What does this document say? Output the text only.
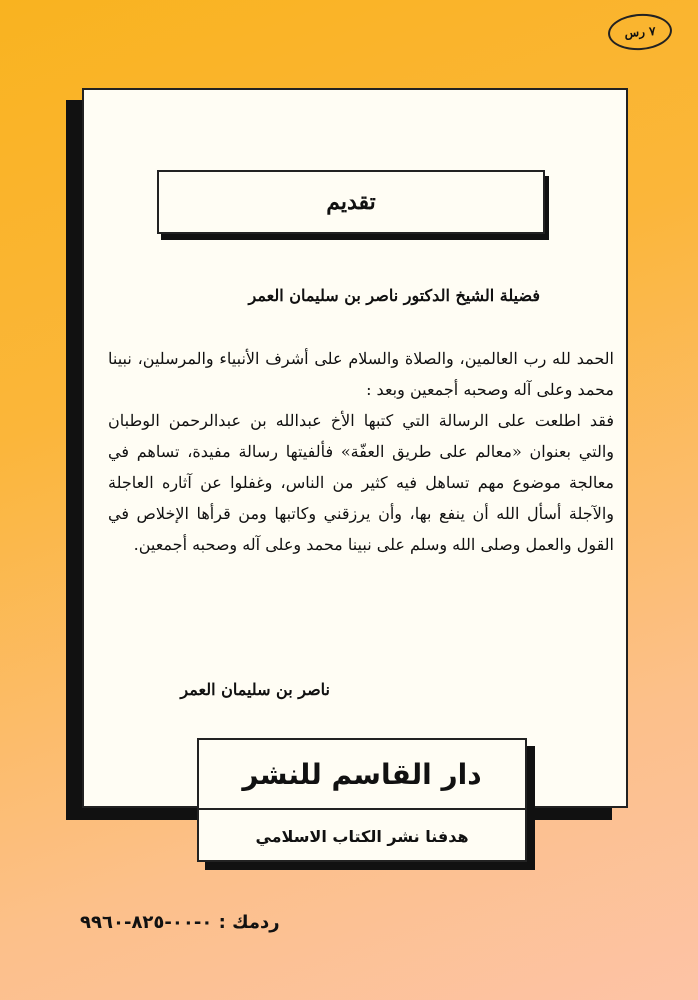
٧ رس
تقديم
فضيلة الشيخ الدكتور ناصر بن سليمان العمر

الحمد لله رب العالمين، والصلاة والسلام على أشرف الأنبياء والمرسلين، نبينا محمد وعلى آله وصحبه أجمعين وبعد :

فقد اطلعت على الرسالة التي كتبها الأخ عبدالله بن عبدالرحمن الوطبان والتي بعنوان «معالم على طريق العفّة» فألفيتها رسالة مفيدة، تساهم في معالجة موضوع مهم تساهل فيه كثير من الناس، وغفلوا عن آثاره العاجلة والآجلة أسأل الله أن ينفع بها، وأن يرزقني وكاتبها ومن قرأها الإخلاص في القول والعمل وصلى الله وسلم على نبينا محمد وعلى آله وصحبه أجمعين.

ناصر بن سليمان العمر
دار القاسم للنشر
هدفنا نشر الكتاب الاسلامي
ردمك : ٠-٠٠-٨٢٥-٩٩٦٠
